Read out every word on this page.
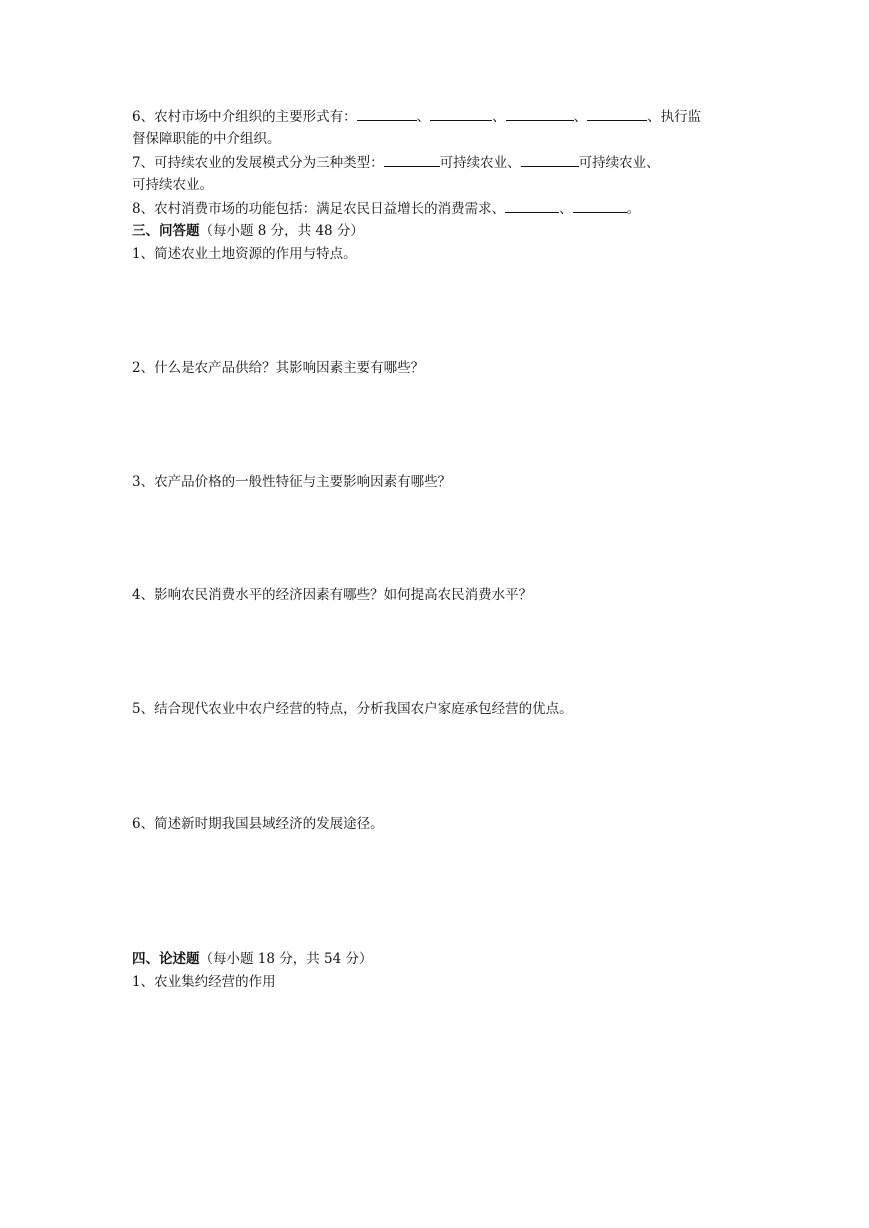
6、农村市场中介组织的主要形式有：	、	、	、	、执行监
督保障职能的中介组织。
7、可持续农业的发展模式分为三种类型：	可持续农业、	可持续农业、
可持续农业。
8、农村消费市场的功能包括：满足农民日益增长的消费需求、	、	。
三、问答题（每小题 8 分，共 48 分）
1、简述农业土地资源的作用与特点。
2、什么是农产品供给？其影响因素主要有哪些？
3、农产品价格的一般性特征与主要影响因素有哪些？
4、影响农民消费水平的经济因素有哪些？如何提高农民消费水平？
5、结合现代农业中农户经营的特点，分析我国农户家庭承包经营的优点。
6、简述新时期我国县域经济的发展途径。
四、论述题（每小题 18 分，共 54 分）
1、农业集约经营的作用
